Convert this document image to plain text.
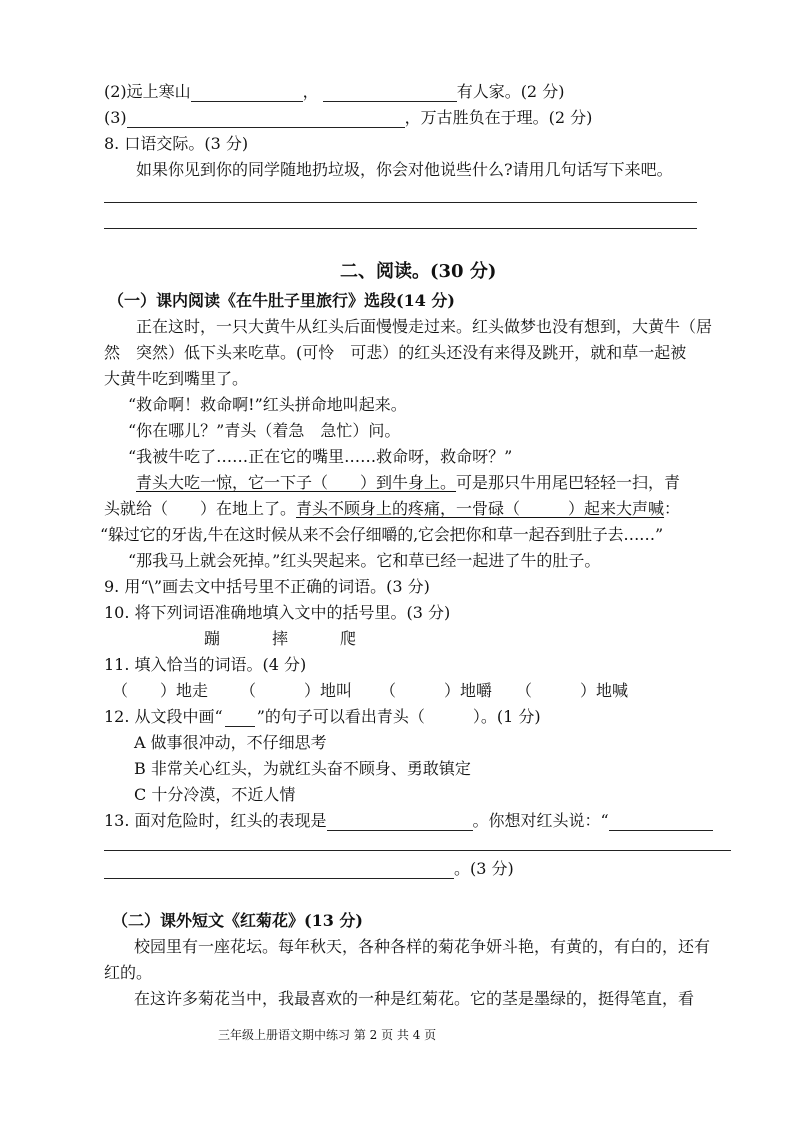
(2)远上寒山	，	有人家。(2 分)
(3)	，万古胜负在于理。(2 分)
8. 口语交际。(3 分)
如果你见到你的同学随地扔垃圾，你会对他说些什么?请用几句话写下来吧。
二、阅读。(30 分)
（一）课内阅读《在牛肚子里旅行》选段(14 分)
正在这时，一只大黄牛从红头后面慢慢走过来。红头做梦也没有想到，大黄牛（居
然　突然）低下头来吃草。(可怜　可悲）的红头还没有来得及跳开，就和草一起被
大黄牛吃到嘴里了。
“救命啊！救命啊!”红头拼命地叫起来。
“你在哪儿？”青头（着急　急忙）问。
“我被牛吃了……正在它的嘴里……救命呀，救命呀？”
青头大吃一惊，它一下子（　　）到牛身上。可是那只牛用尾巴轻轻一扫，青
头就给（　　）在地上了。青头不顾身上的疼痛，一骨碌（　　　）起来大声喊：
“躲过它的牙齿,牛在这时候从来不会仔细嚼的,它会把你和草一起吞到肚子去……”
“那我马上就会死掉。”红头哭起来。它和草已经一起进了牛的肚子。
9. 用“\”画去文中括号里不正确的词语。(3 分)
10. 将下列词语准确地填入文中的括号里。(3 分)
蹦	摔	爬
11. 填入恰当的词语。(4 分)
（　　）地走 （　　　）地叫 （　　　）地嚼 （　　　）地喊
12. 从文段中画“ ”的句子可以看出青头（　　　）。(1 分)
A 做事很冲动，不仔细思考
B 非常关心红头，为就红头奋不顾身、勇敢镇定
C 十分冷漠，不近人情
13. 面对危险时，红头的表现是	。你想对红头说：“
。(3 分)
（二）课外短文《红菊花》(13 分)
校园里有一座花坛。每年秋天，各种各样的菊花争妍斗艳，有黄的，有白的，还有
红的。
在这许多菊花当中，我最喜欢的一种是红菊花。它的茎是墨绿的，挺得笔直，看
三年级上册语文期中练习 第 2 页 共 4 页
